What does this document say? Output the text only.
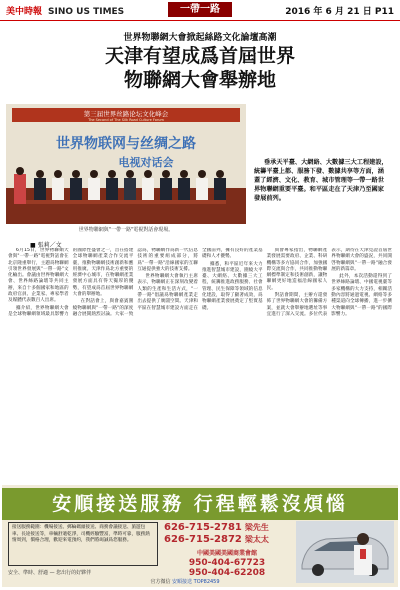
美中時報 SINO US TIMES	一帶一路	2016 年 6 月 21 日 P11
世界物聯網大會掀起絲路文化論壇高潮
天津有望成爲首屆世界
物聯網大會舉辦地
第三届世界丝路论坛文化峰会
The Second of The Silk Road Culture Forum
世界物联网与丝绸之路
电视对话会
世界物聯網與"一帶一路"電視對話會現場。
垂承天平臺、大網絡、大數據三大工程建設，統籌平臺上都、服務下發、數據共享等方面，涵蓋了經濟、文化、教育、城市管理等一帶一路世界物聯網重要平臺。和平區走在了天津乃至國家發展前列。
■ 張莉／文

6月15日，世界物聯網大會與"一帶一路"電視對話會在北京隆重舉行，主題爲物聯網引領世界發展與"一帶一路"文化輸出。會議由世界物聯網大會、世界絲路論壇等共同主辦，來自十多個國家和地區的政府官員、企業家、專家學者及媒體代表數百人出席。

據介紹，世界物聯網大會是全球物聯網領域最具影響力的國際性盛會之一，旨在搭建全球物聯網產業合作交流平臺，推動物聯網技術創新和應用推廣。天津作爲北方重要的經濟中心城市，在物聯網產業發展方面具有得天獨厚的優勢，有望成爲首屆世界物聯網大會的舉辦地。

在對話會上，與會嘉賓圍繞物聯網與"一帶一路"的深度融合展開熱烈討論。大家一致認爲，物聯網作爲新一代信息技術的重要組成部分，將爲"一帶一路"沿線國家的互聯互通提供強大的技術支撐。

世界物聯網大會執行主席表示，物聯網正在深刻改變着人類的生產和生活方式，"一帶一路"倡議爲物聯網產業走出去提供了廣闊空間。天津和平區在智慧城市建設方面走在全國前列，擁有良好的產業基礎和人才優勢。

據悉，和平區近年來大力推進智慧城市建設，圍繞大平臺、大網絡、大數據三大工程，統籌推進政務服務、社會管理、民生保障等領域的信息化建設，取得了顯著成效，爲物聯網產業發展奠定了堅實基礎。

與會專家指出，物聯網產業發展需要政府、企業、科研機構等多方協同合作，加強國際交流與合作，共同推動物聯網標準制定和技術創新，讓物聯網更好地造福沿線國家人民。

對話會期間，主辦方還發佈了世界物聯網大會的籌備方案，並就大會舉辦地選址等事宜進行了深入交流。多位代表表示，期待在天津見證首屆世界物聯網大會的盛況，共同開啓物聯網與"一帶一路"融合發展的新篇章。

此外，本次活動還得到了世界絲路論壇、中國電視臺等多家機構的大力支持，相關活動內容將通過電視、網絡等多種渠道向全球傳播，進一步擴大物聯網與"一帶一路"的國際影響力。

安順接送服務 行程輕鬆沒煩惱
接送服務範圍：機場接送、郵輪碼頭接送、商務會議接送、旅遊包車、長途接送等，車輛舒適乾淨，司機經驗豐富，準時可靠，服務熱情周到，價格合理，歡迎來電預約，我們將竭誠爲您服務。
安全、準時、舒適 — 您出行的好夥伴
626-715-2781 梁先生
626-715-2872 梁太太
中國美國美國商業會館
950-404-67723
950-404-62208
官方微信 安順接送 TOP82459
